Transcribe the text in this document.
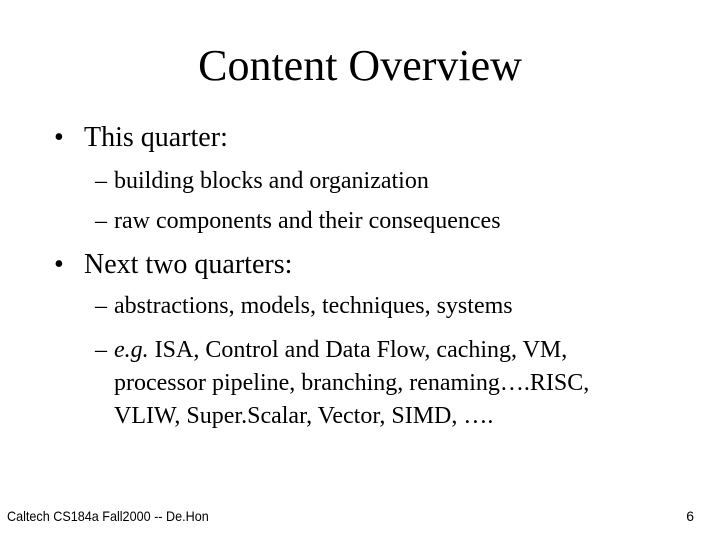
Content Overview
• This quarter:
– building blocks and organization
– raw components and their consequences
• Next two quarters:
– abstractions, models, techniques, systems
– e.g. ISA, Control and Data Flow, caching, VM, processor pipeline, branching, renaming….RISC, VLIW, Super.Scalar, Vector, SIMD, ….
Caltech CS184a Fall2000 -- De.Hon	6
